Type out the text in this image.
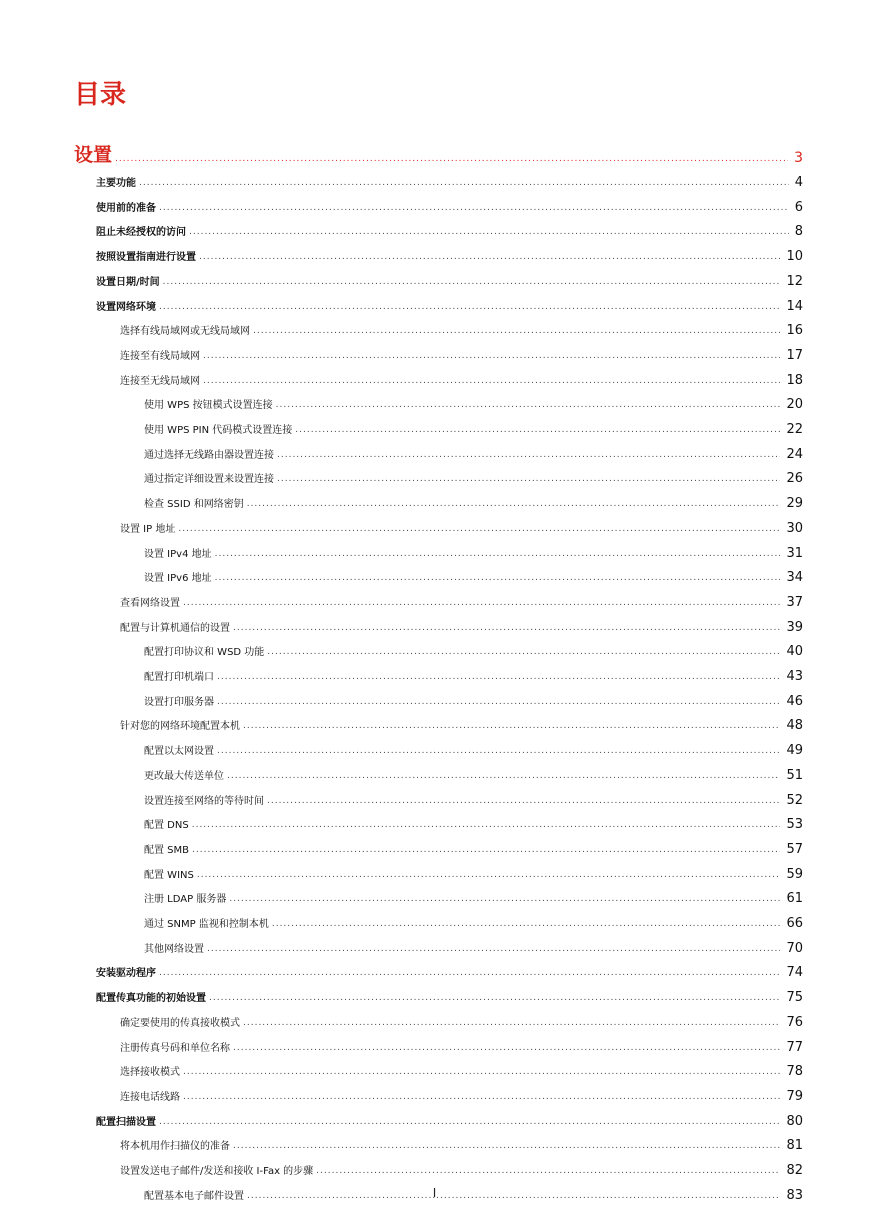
目录
设置 .....	3
主要功能 .....	4
使用前的准备 .....	6
阻止未经授权的访问 .....	8
按照设置指南进行设置 .....	10
设置日期/时间 .....	12
设置网络环境 .....	14
选择有线局域网或无线局域网 .....	16
连接至有线局域网 .....	17
连接至无线局域网 .....	18
使用 WPS 按钮模式设置连接 .....	20
使用 WPS PIN 代码模式设置连接 .....	22
通过选择无线路由器设置连接 .....	24
通过指定详细设置来设置连接 .....	26
检查 SSID 和网络密钥 .....	29
设置 IP 地址 .....	30
设置 IPv4 地址 .....	31
设置 IPv6 地址 .....	34
查看网络设置 .....	37
配置与计算机通信的设置 .....	39
配置打印协议和 WSD 功能 .....	40
配置打印机端口 .....	43
设置打印服务器 .....	46
针对您的网络环境配置本机 .....	48
配置以太网设置 .....	49
更改最大传送单位 .....	51
设置连接至网络的等待时间 .....	52
配置 DNS .....	53
配置 SMB .....	57
配置 WINS .....	59
注册 LDAP 服务器 .....	61
通过 SNMP 监视和控制本机 .....	66
其他网络设置 .....	70
安装驱动程序 .....	74
配置传真功能的初始设置 .....	75
确定要使用的传真接收模式 .....	76
注册传真号码和单位名称 .....	77
选择接收模式 .....	78
连接电话线路 .....	79
配置扫描设置 .....	80
将本机用作扫描仪的准备 .....	81
设置发送电子邮件/发送和接收 I-Fax 的步骤 .....	82
配置基本电子邮件设置 .....	83
I
